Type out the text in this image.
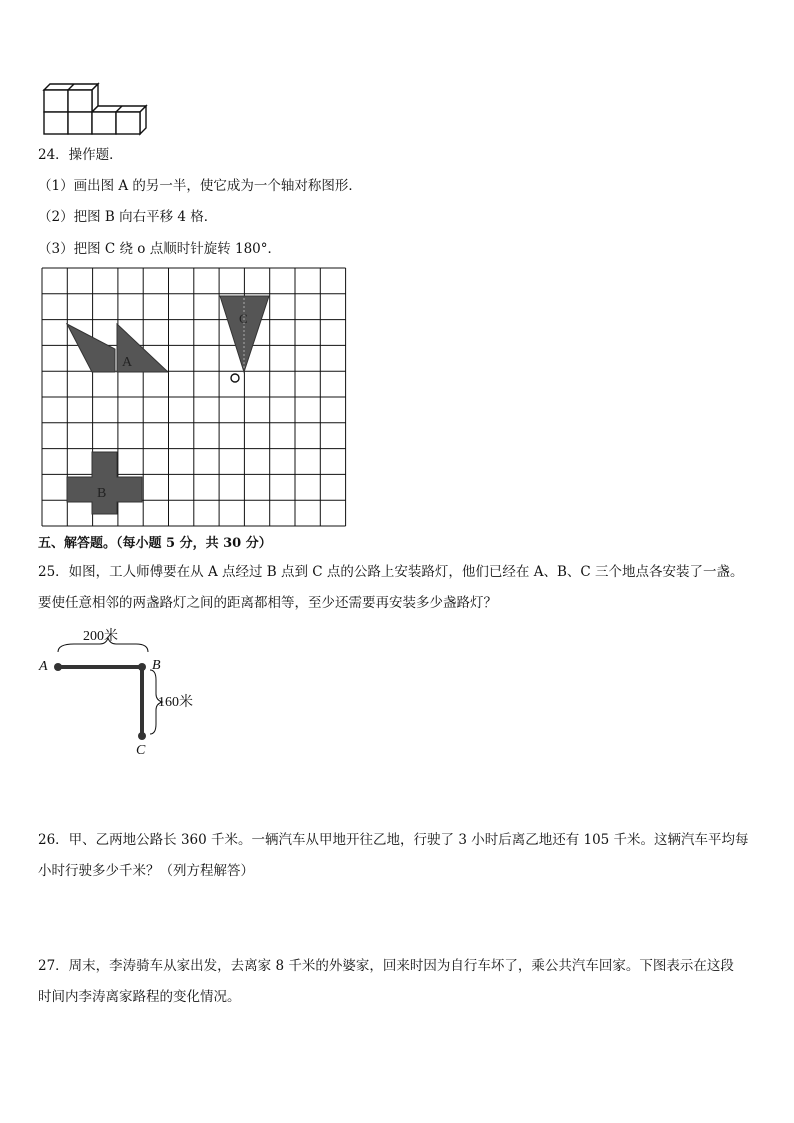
24．操作题．
（1）画出图 A 的另一半，使它成为一个轴对称图形．
（2）把图 B 向右平移 4 格．
（3）把图 C 绕 o 点顺时针旋转 180°．
A
C
B
五、解答题。（每小题 5 分，共 30 分）
25．如图，工人师傅要在从 A 点经过 B 点到 C 点的公路上安装路灯，他们已经在 A、B、C 三个地点各安装了一盏。
要使任意相邻的两盏路灯之间的距离都相等，至少还需要再安装多少盏路灯？
200米
160米
A	B
C
26．甲、乙两地公路长 360 千米。一辆汽车从甲地开往乙地，行驶了 3 小时后离乙地还有 105 千米。这辆汽车平均每
小时行驶多少千米？（列方程解答）
27．周末，李涛骑车从家出发，去离家 8 千米的外婆家，回来时因为自行车坏了，乘公共汽车回家。下图表示在这段
时间内李涛离家路程的变化情况。
